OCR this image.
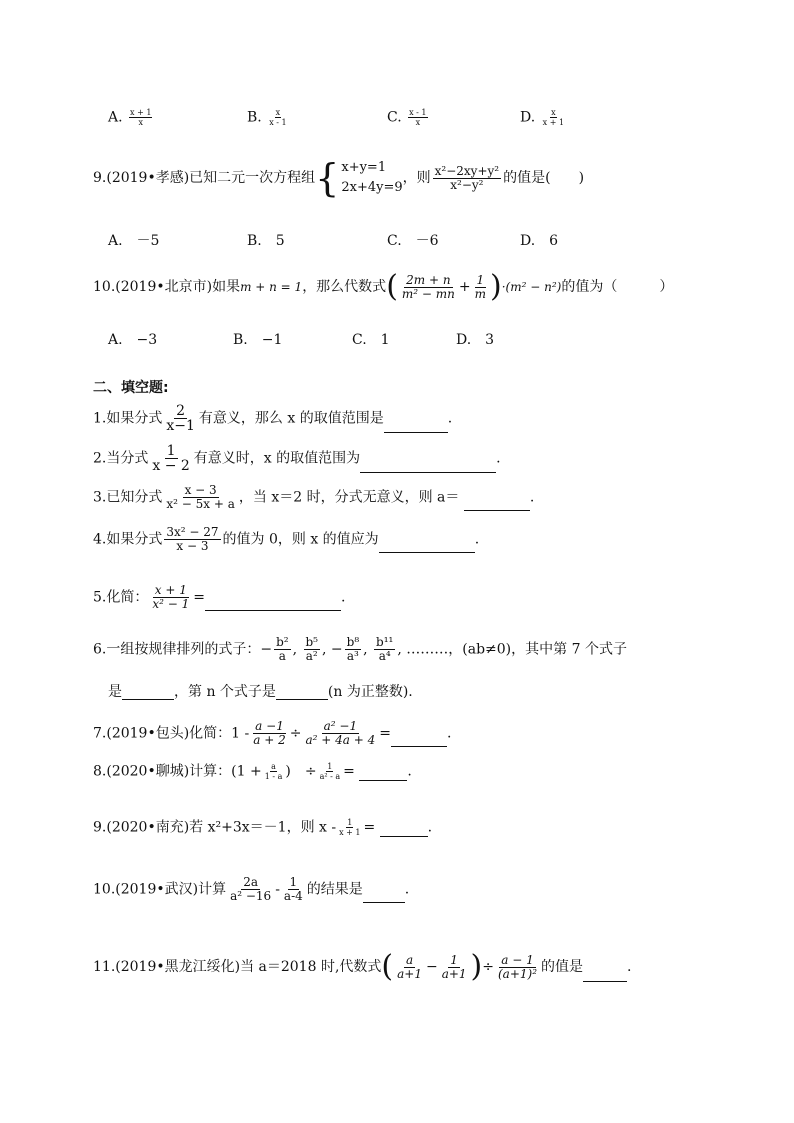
A. $\frac{x + 1}{x}$	B. $\frac{x}{x - 1}$	C. $\frac{x - 1}{x}$	D. $\frac{x}{x + 1}$
9.(2019•孝感)已知二元一次方程组{ x+y=1
2x+4y=9
，则 $\frac{\text{x²−2xy+y²}}{\text{x²−y²}}$ 的值是(　　)
A.　－5	B.　5	C.　－6	D.　6
10.(2019•北京市)如果m + n = 1，那么代数式( $\frac{2m + n}{\text{m² − mn}} + \frac{1}{m} )\cdot(m^2 - n^2)$的值为（　　　）
A.　−3	B.　−1	C.　1	D.　3
二、填空题:
1.如果分式 $\frac{2}{x-1}$ 有意义，那么 x 的取值范围是	.
2.当分式 $\frac{1}{x - 2}$ 有意义时，x 的取值范围为	.
3.已知分式 $\frac{x - 3}{\text{x² − 5x + a}}$ ，当 x＝2 时，分式无意义，则 a＝	.
4.如果分式 $\frac{\text{3x² − 27}}{x - 3}$ 的值为 0，则 x 的值应为	.
5.化简： $\frac{x + 1}{\text{x² − 1}}$ =	.
6.一组按规律排列的式子：− $\frac{\text{b²}}{a}$ , $\frac{\text{b⁵}}{\text{a²}}$ , − $\frac{\text{b⁸}}{\text{a³}}$ , $\frac{\text{b¹¹}}{\text{a⁴}}$ , ………，(ab≠0)，其中第 7 个式子
是	，第 n 个式子是	(n 为正整数).
7.(2019•包头)化简：$1 - \frac{a -1}{a + 2} \div \frac{\text{a² −1}}{\text{a² + 4a + 4}}$ =	.
8.(2020•聊城)计算：($1 + \frac{a}{1 - a}$ )　÷ $\frac{1}{\text{a² - a}}$ =	.
9.(2020•南充)若 x²+3x＝－1，则 x - $\frac{1}{x + 1}$ =	.
10.(2019•武汉)计算 $\frac{2a}{\text{a² −16}} - \frac{1}{a-4}$ 的结果是	.
11.(2019•黑龙江绥化)当 a＝2018 时,代数式( $\frac{a}{a+1} - \frac{1}{a+1}$ )÷ $\frac{a - 1}{\text{(a+1)²}}$ 的值是	.
